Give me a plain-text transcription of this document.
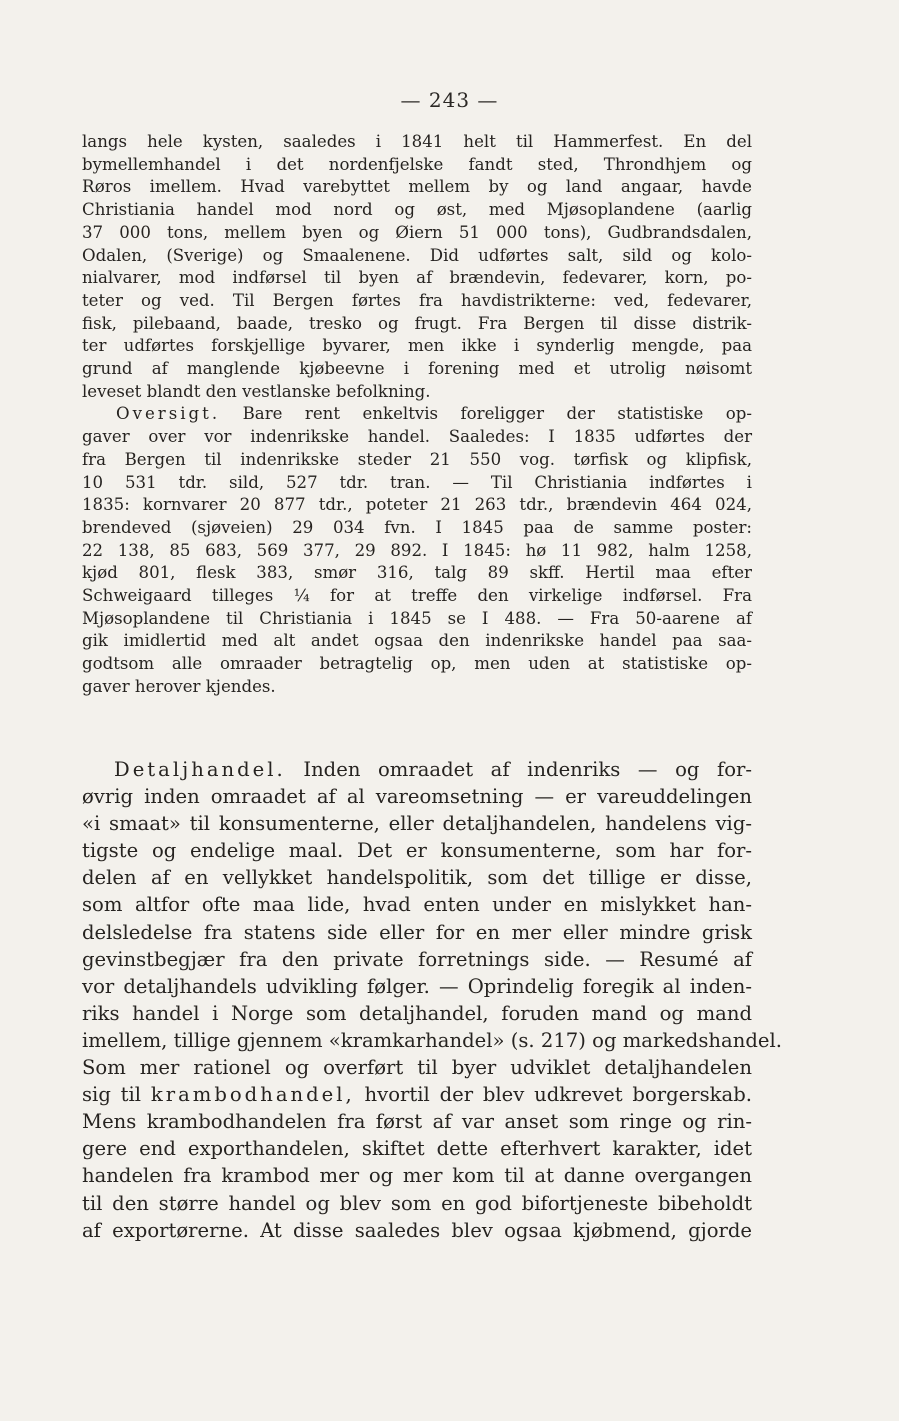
— 243 —
langs hele kysten, saaledes i 1841 helt til Hammerfest. En del
bymellemhandel i det nordenfjelske fandt sted, Throndhjem og
Røros imellem. Hvad varebyttet mellem by og land angaar, havde
Christiania handel mod nord og øst, med Mjøsoplandene (aarlig
37 000 tons, mellem byen og Øiern 51 000 tons), Gudbrandsdalen,
Odalen, (Sverige) og Smaalenene. Did udførtes salt, sild og kolo-
nialvarer, mod indførsel til byen af brændevin, fedevarer, korn, po-
teter og ved. Til Bergen førtes fra havdistrikterne: ved, fedevarer,
fisk, pilebaand, baade, tresko og frugt. Fra Bergen til disse distrik-
ter udførtes forskjellige byvarer, men ikke i synderlig mengde, paa
grund af manglende kjøbeevne i forening med et utrolig nøisomt
leveset blandt den vestlanske befolkning.
Oversigt. Bare rent enkeltvis foreligger der statistiske op-
gaver over vor indenrikske handel. Saaledes: I 1835 udførtes der
fra Bergen til indenrikske steder 21 550 vog. tørfisk og klipfisk,
10 531 tdr. sild, 527 tdr. tran. — Til Christiania indførtes i
1835: kornvarer 20 877 tdr., poteter 21 263 tdr., brændevin 464 024,
brendeved (sjøveien) 29 034 fvn. I 1845 paa de samme poster:
22 138, 85 683, 569 377, 29 892. I 1845: hø 11 982, halm 1258,
kjød 801, flesk 383, smør 316, talg 89 skff. Hertil maa efter
Schweigaard tilleges ¼ for at treffe den virkelige indførsel. Fra
Mjøsoplandene til Christiania i 1845 se I 488. — Fra 50-aarene af
gik imidlertid med alt andet ogsaa den indenrikske handel paa saa-
godtsom alle omraader betragtelig op, men uden at statistiske op-
gaver herover kjendes.
Detaljhandel. Inden omraadet af indenriks — og for-
øvrig inden omraadet af al vareomsetning — er vareuddelingen
«i smaat» til konsumenterne, eller detaljhandelen, handelens vig-
tigste og endelige maal. Det er konsumenterne, som har for-
delen af en vellykket handelspolitik, som det tillige er disse,
som altfor ofte maa lide, hvad enten under en mislykket han-
delsledelse fra statens side eller for en mer eller mindre grisk
gevinstbegjær fra den private forretnings side. — Resumé af
vor detaljhandels udvikling følger. — Oprindelig foregik al inden-
riks handel i Norge som detaljhandel, foruden mand og mand
imellem, tillige gjennem «kramkarhandel» (s. 217) og markedshandel.
Som mer rationel og overført til byer udviklet detaljhandelen
sig til krambodhandel, hvortil der blev udkrevet borgerskab.
Mens krambodhandelen fra først af var anset som ringe og rin-
gere end exporthandelen, skiftet dette efterhvert karakter, idet
handelen fra krambod mer og mer kom til at danne overgangen
til den større handel og blev som en god bifortjeneste bibeholdt
af exportørerne. At disse saaledes blev ogsaa kjøbmend, gjorde
